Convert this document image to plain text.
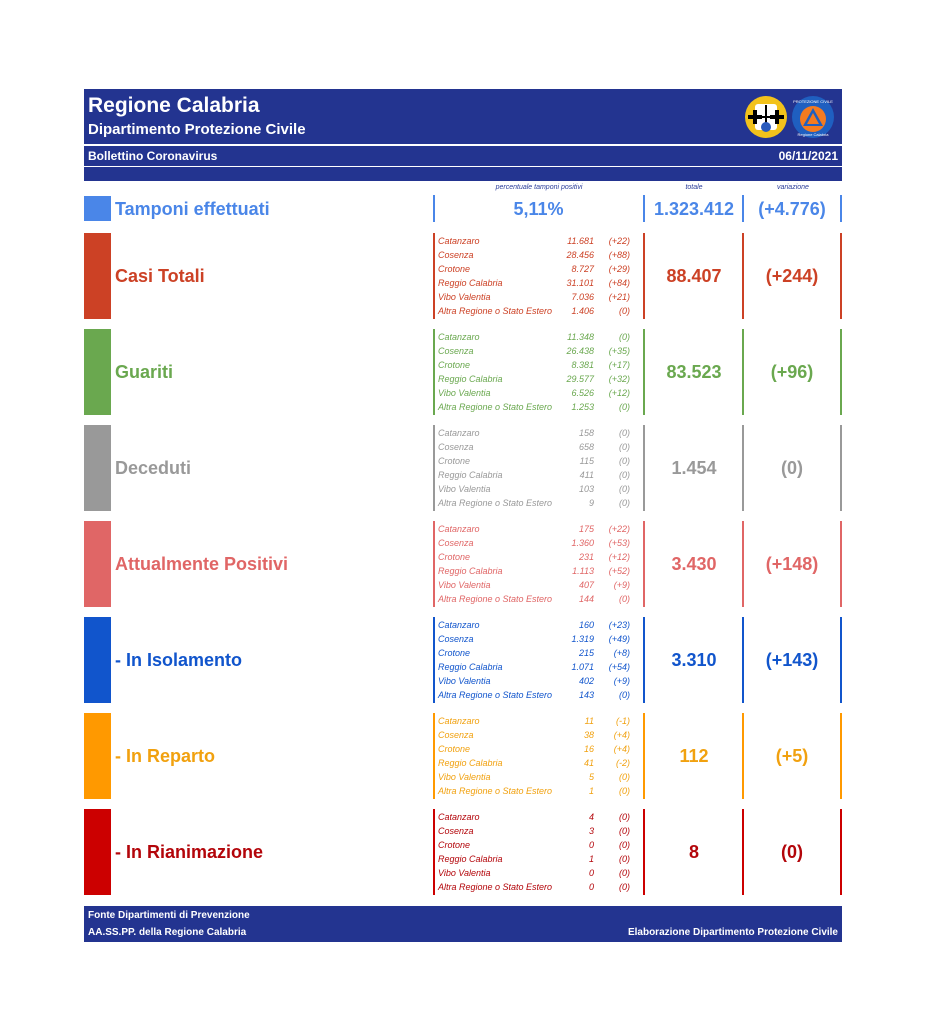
Regione Calabria
Dipartimento Protezione Civile
PROTEZIONE CIVILE
Regione Calabria
Bollettino Coronavirus	06/11/2021
percentuale tamponi positivi	totale	variazione
Tamponi effettuati	5,11%	1.323.412	(+4.776)
Casi Totali
Catanzaro	11.681 (+22)
Cosenza	28.456 (+88)
Crotone	8.727 (+29)
Reggio Calabria	31.101 (+84)
Vibo Valentia	7.036 (+21)
Altra Regione o Stato Estero 1.406	(0)
88.407	(+244)
Guariti
Catanzaro	11.348	(0)
Cosenza	26.438 (+35)
Crotone	8.381 (+17)
Reggio Calabria	29.577 (+32)
Vibo Valentia	6.526 (+12)
Altra Regione o Stato Estero 1.253	(0)
83.523	(+96)
Deceduti
Catanzaro	158	(0)
Cosenza	658	(0)
Crotone	115	(0)
Reggio Calabria	411	(0)
Vibo Valentia	103	(0)
Altra Regione o Stato Estero	9	(0)
1.454	(0)
Attualmente Positivi
Catanzaro	175 (+22)
Cosenza	1.360 (+53)
Crotone	231 (+12)
Reggio Calabria	1.113 (+52)
Vibo Valentia	407 (+9)
Altra Regione o Stato Estero	144	(0)
3.430	(+148)
- In Isolamento
Catanzaro	160 (+23)
Cosenza	1.319 (+49)
Crotone	215 (+8)
Reggio Calabria	1.071 (+54)
Vibo Valentia	402 (+9)
Altra Regione o Stato Estero	143	(0)
3.310	(+143)
- In Reparto
Catanzaro	11 (-1)
Cosenza	38 (+4)
Crotone	16 (+4)
Reggio Calabria	41 (-2)
Vibo Valentia	5	(0)
Altra Regione o Stato Estero	1	(0)
112	(+5)
- In Rianimazione
Catanzaro	4	(0)
Cosenza	3	(0)
Crotone	0	(0)
Reggio Calabria	1	(0)
Vibo Valentia	0	(0)
Altra Regione o Stato Estero	0	(0)
8	(0)
Fonte Dipartimenti di Prevenzione
AA.SS.PP. della Regione Calabria	Elaborazione Dipartimento Protezione Civile
